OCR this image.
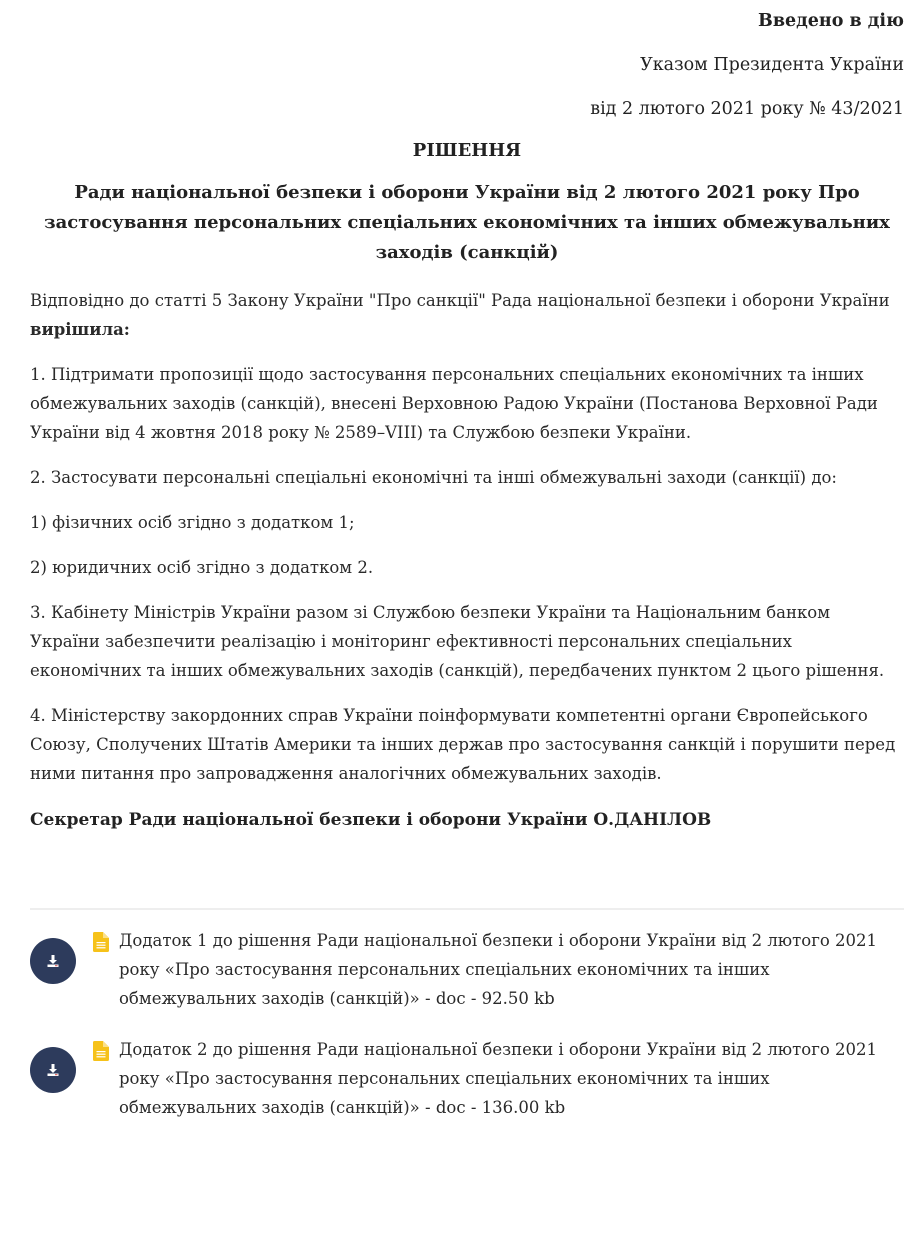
Введено в дію
Указом Президента України
від 2 лютого 2021 року № 43/2021
РІШЕННЯ
Ради національної безпеки і оборони України від 2 лютого 2021 року Про застосування персональних спеціальних економічних та інших обмежувальних заходів (санкцій)

Відповідно до статті 5 Закону України "Про санкції" Рада національної безпеки і оборони України вирішила:

1. Підтримати пропозиції щодо застосування персональних спеціальних економічних та інших обмежувальних заходів (санкцій), внесені Верховною Радою України (Постанова Верховної Ради України від 4 жовтня 2018 року № 2589–VIII) та Службою безпеки України.

2. Застосувати персональні спеціальні економічні та інші обмежувальні заходи (санкції) до:

1) фізичних осіб згідно з додатком 1;

2) юридичних осіб згідно з додатком 2.

3. Кабінету Міністрів України разом зі Службою безпеки України та Національним банком України забезпечити реалізацію і моніторинг ефективності персональних спеціальних економічних та інших обмежувальних заходів (санкцій), передбачених пунктом 2 цього рішення.

4. Міністерству закордонних справ України поінформувати компетентні органи Європейського Союзу, Сполучених Штатів Америки та інших держав про застосування санкцій і порушити перед ними питання про запровадження аналогічних обмежувальних заходів.

Секретар Ради національної безпеки і оборони України О.ДАНІЛОВ
Додаток 1 до рішення Ради національної безпеки і оборони України від 2 лютого 2021 року «Про застосування персональних спеціальних економічних та інших обмежувальних заходів (санкцій)» - doc - 92.50 kb
Додаток 2 до рішення Ради національної безпеки і оборони України від 2 лютого 2021 року «Про застосування персональних спеціальних економічних та інших обмежувальних заходів (санкцій)» - doc - 136.00 kb
